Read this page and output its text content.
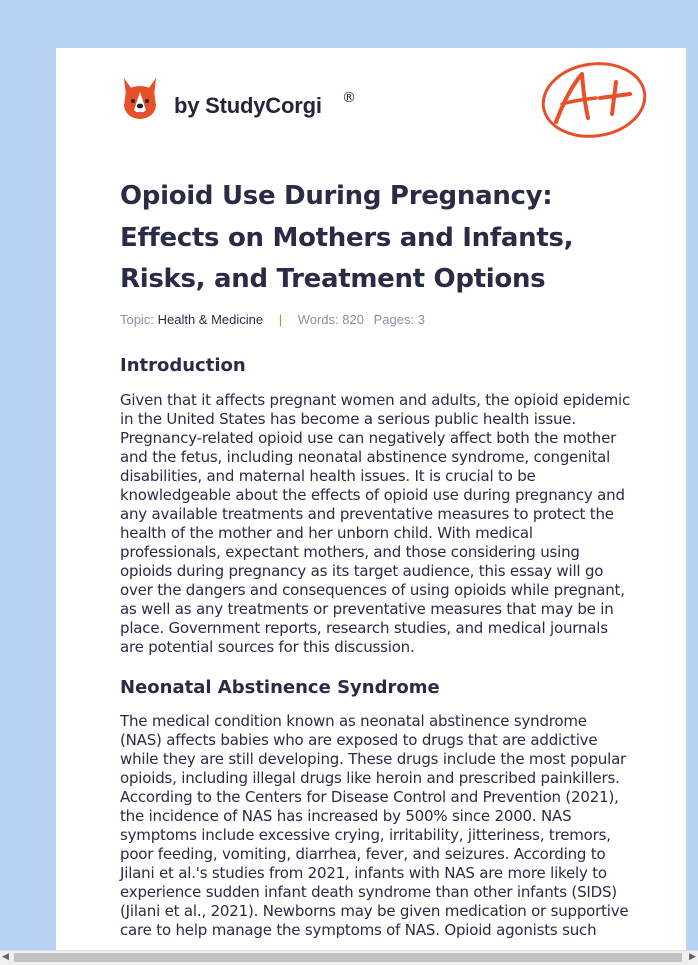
by StudyCorgi ®
Opioid Use During Pregnancy: Effects on Mothers and Infants, Risks, and Treatment Options
Topic: Health & Medicine | Words: 820 Pages: 3
Introduction

Given that it affects pregnant women and adults, the opioid epidemic in the United States has become a serious public health issue. Pregnancy-related opioid use can negatively affect both the mother and the fetus, including neonatal abstinence syndrome, congenital disabilities, and maternal health issues. It is crucial to be knowledgeable about the effects of opioid use during pregnancy and any available treatments and preventative measures to protect the health of the mother and her unborn child. With medical professionals, expectant mothers, and those considering using opioids during pregnancy as its target audience, this essay will go over the dangers and consequences of using opioids while pregnant, as well as any treatments or preventative measures that may be in place. Government reports, research studies, and medical journals are potential sources for this discussion.

Neonatal Abstinence Syndrome

The medical condition known as neonatal abstinence syndrome (NAS) affects babies who are exposed to drugs that are addictive while they are still developing. These drugs include the most popular opioids, including illegal drugs like heroin and prescribed painkillers. According to the Centers for Disease Control and Prevention (2021), the incidence of NAS has increased by 500% since 2000. NAS symptoms include excessive crying, irritability, jitteriness, tremors, poor feeding, vomiting, diarrhea, fever, and seizures. According to Jilani et al.'s studies from 2021, infants with NAS are more likely to experience sudden infant death syndrome than other infants (SIDS) (Jilani et al., 2021). Newborns may be given medication or supportive care to help manage the symptoms of NAS. Opioid agonists such

◀	▶
